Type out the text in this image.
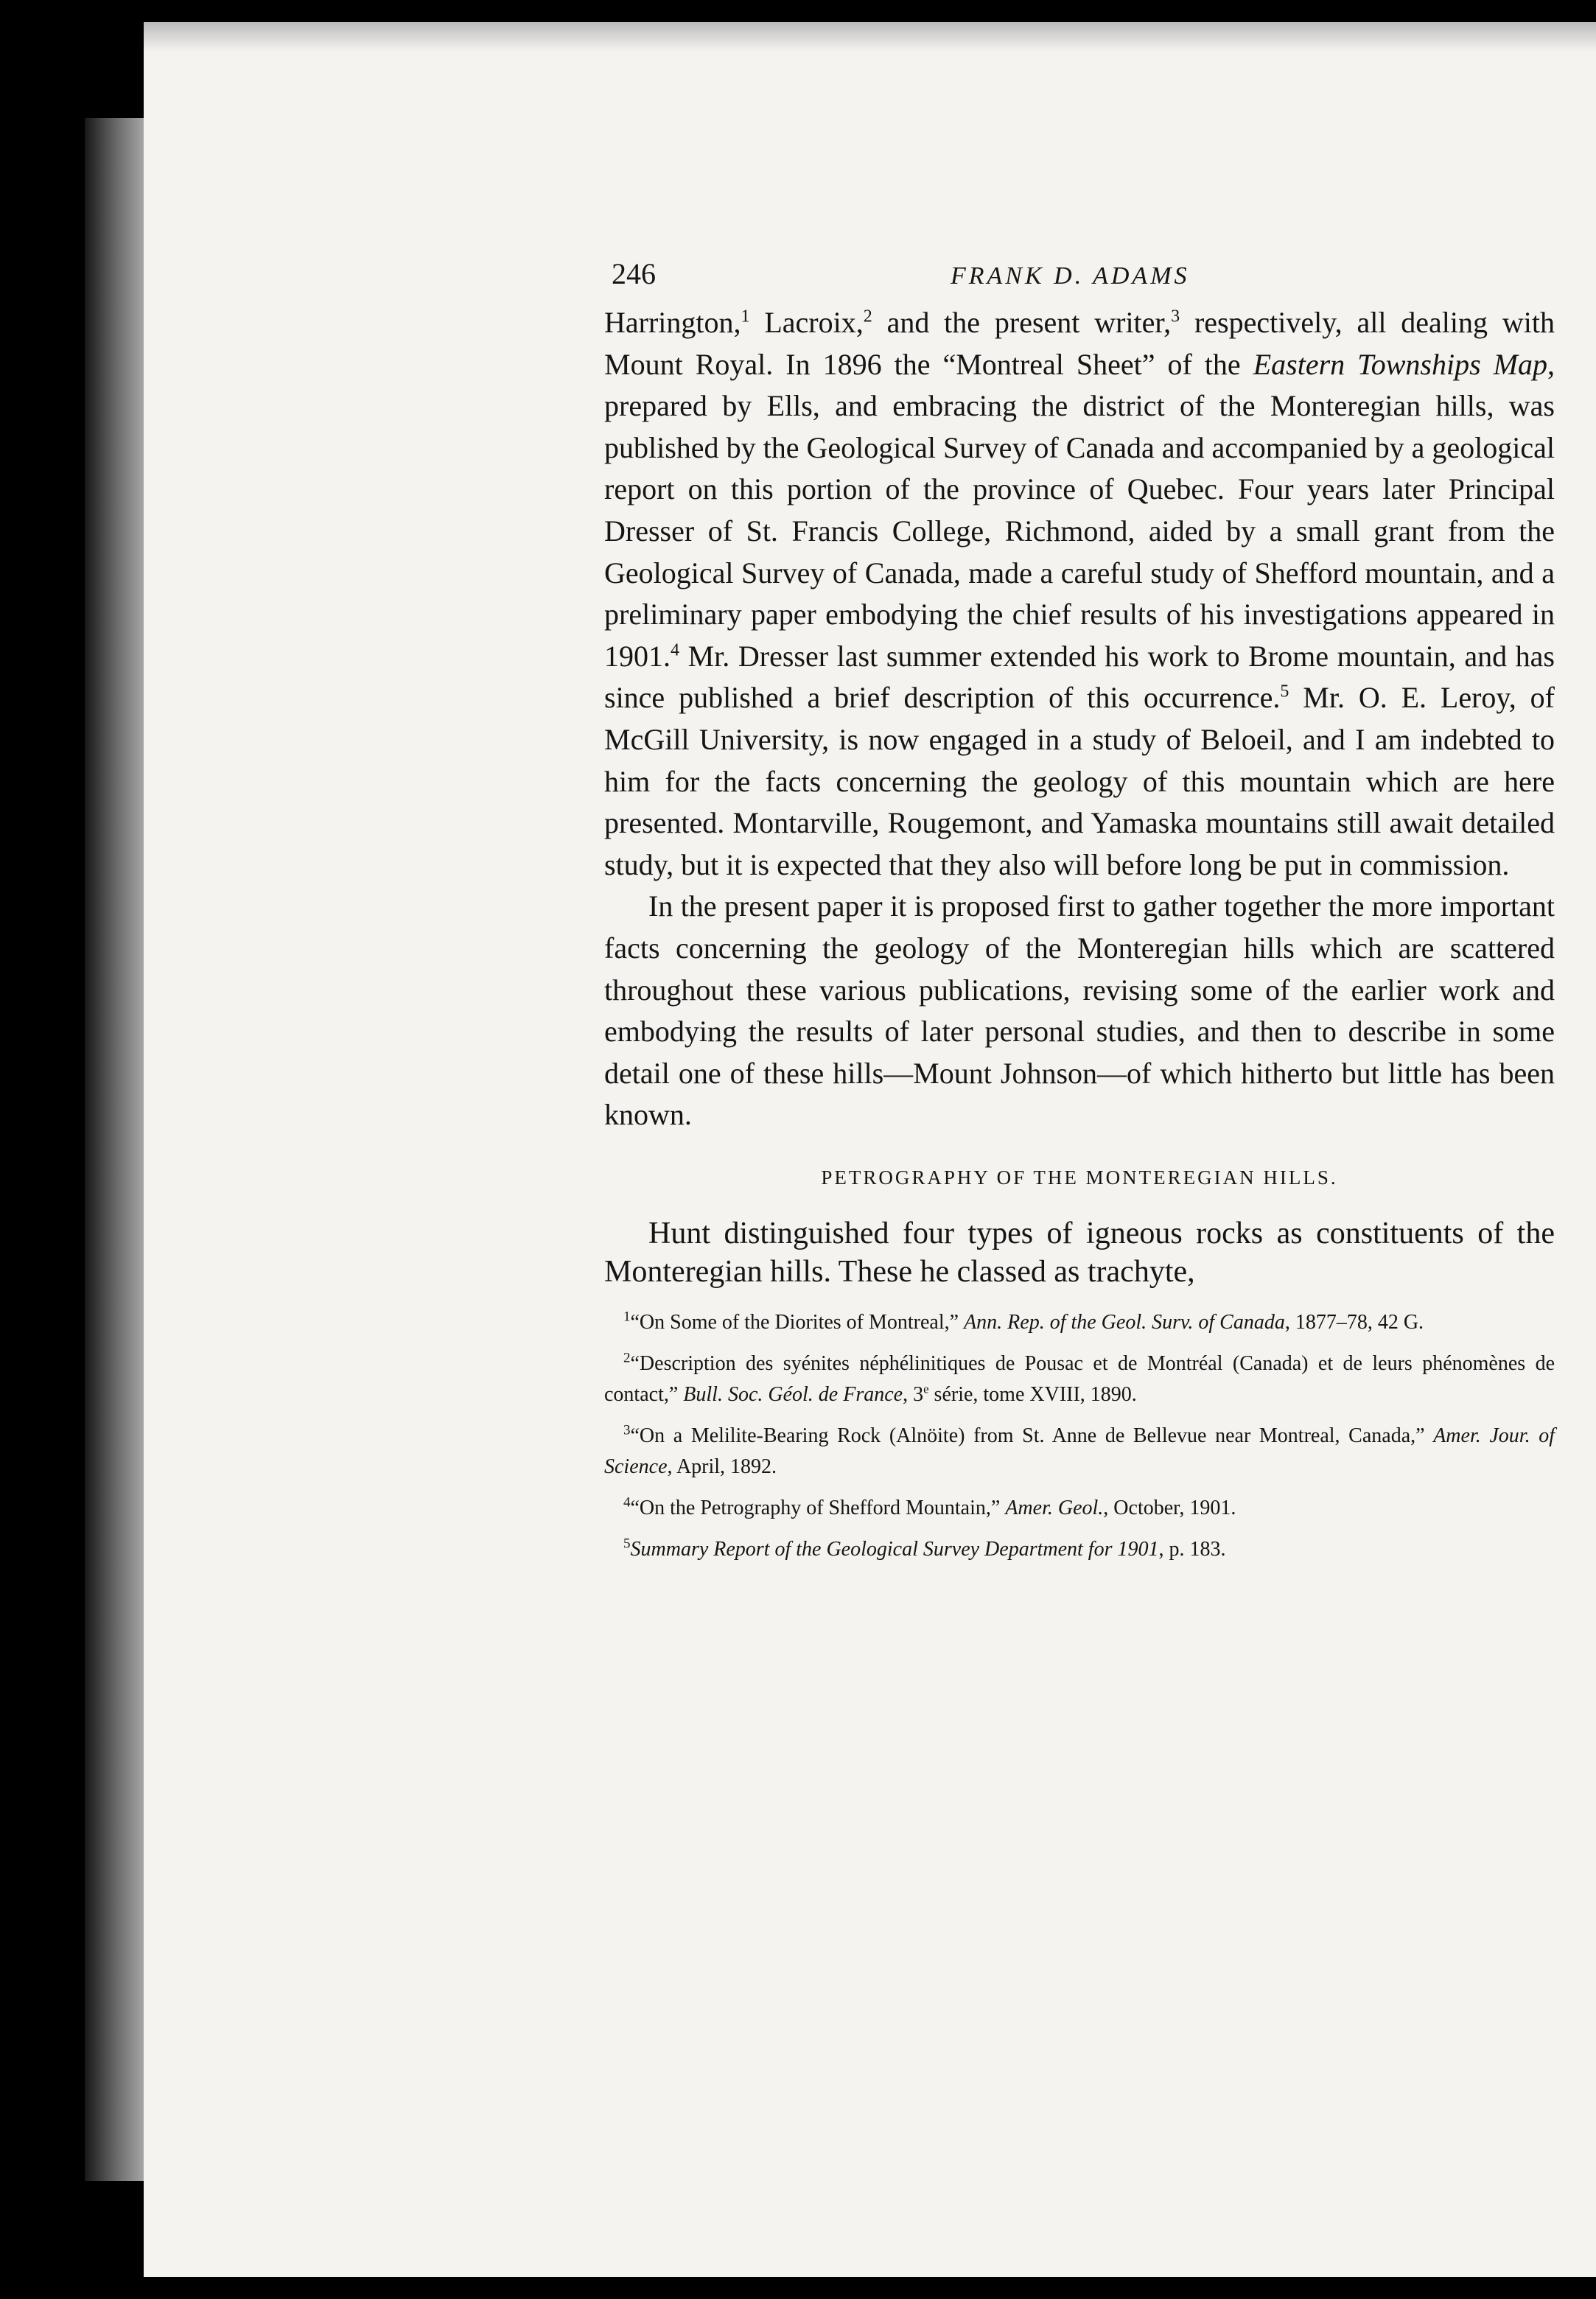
246	FRANK D. ADAMS

Harrington,$^1$ Lacroix,$^2$ and the present writer,$^3$ respectively, all dealing with Mount Royal. In 1896 the “Montreal Sheet” of the Eastern Townships Map, prepared by Ells, and embracing the district of the Monteregian hills, was published by the Geological Survey of Canada and accompanied by a geological report on this portion of the province of Quebec. Four years later Principal Dresser of St. Francis College, Richmond, aided by a small grant from the Geological Survey of Canada, made a careful study of Shefford mountain, and a preliminary paper embodying the chief results of his investigations appeared in 1901.$^4$ Mr. Dresser last summer extended his work to Brome mountain, and has since published a brief description of this occurrence.$^5$ Mr. O. E. Leroy, of McGill University, is now engaged in a study of Beloeil, and I am indebted to him for the facts concerning the geology of this mountain which are here presented. Montarville, Rougemont, and Yamaska mountains still await detailed study, but it is expected that they also will before long be put in commission.

In the present paper it is proposed first to gather together the more important facts concerning the geology of the Monteregian hills which are scattered throughout these various publications, revising some of the earlier work and embodying the results of later personal studies, and then to describe in some detail one of these hills—Mount Johnson—of which hitherto but little has been known.

PETROGRAPHY OF THE MONTEREGIAN HILLS.

Hunt distinguished four types of igneous rocks as constituents of the Monteregian hills. These he classed as trachyte,

$^1$“On Some of the Diorites of Montreal,” Ann. Rep. of the Geol. Surv. of Canada, 1877–78, 42 G.

$^2$“Description des syénites néphélinitiques de Pousac et de Montréal (Canada) et de leurs phénomènes de contact,” Bull. Soc. Géol. de France, 3e série, tome XVIII, 1890.

$^3$“On a Melilite-Bearing Rock (Alnöite) from St. Anne de Bellevue near Montreal, Canada,” Amer. Jour. of Science, April, 1892.

$^4$“On the Petrography of Shefford Mountain,” Amer. Geol., October, 1901.

$^5$Summary Report of the Geological Survey Department for 1901, p. 183.
